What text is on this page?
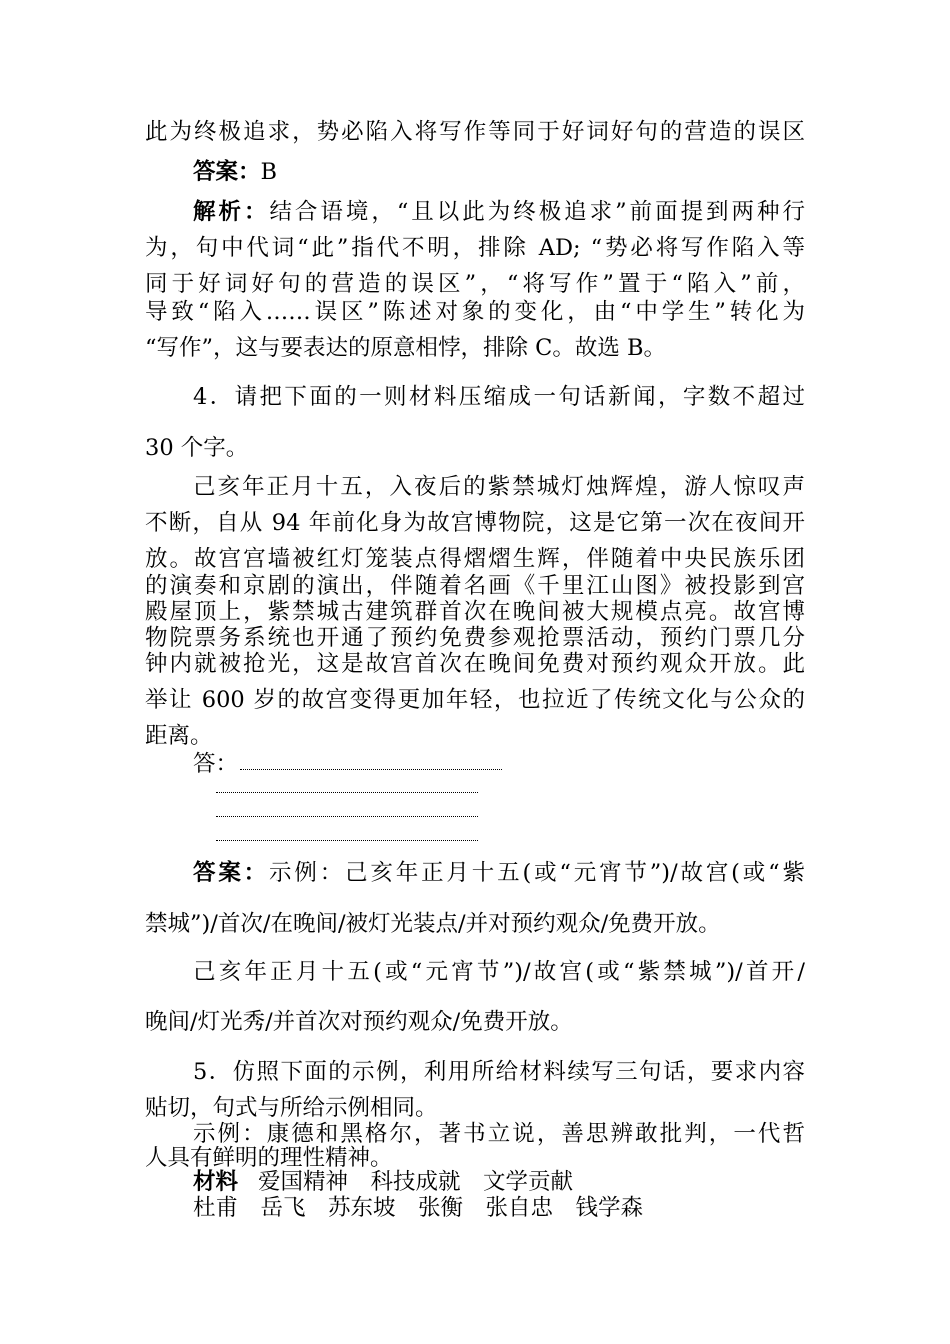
此为终极追求，势必陷入将写作等同于好词好句的营造的误区
答案：B
解析：结合语境，“且以此为终极追求”前面提到两种行
为，句中代词“此”指代不明，排除 AD; “势必将写作陷入等
同于好词好句的营造的误区”，“将写作”置于“陷入”前，
导致“陷入……误区”陈述对象的变化，由“中学生”转化为
“写作”，这与要表达的原意相悖，排除 C。故选 B。
4．请把下面的一则材料压缩成一句话新闻，字数不超过
30 个字。
己亥年正月十五，入夜后的紫禁城灯烛辉煌，游人惊叹声
不断，自从 94 年前化身为故宫博物院，这是它第一次在夜间开
放。故宫宫墙被红灯笼装点得熠熠生辉，伴随着中央民族乐团
的演奏和京剧的演出，伴随着名画《千里江山图》被投影到宫
殿屋顶上，紫禁城古建筑群首次在晚间被大规模点亮。故宫博
物院票务系统也开通了预约免费参观抢票活动，预约门票几分
钟内就被抢光，这是故宫首次在晚间免费对预约观众开放。此
举让 600 岁的故宫变得更加年轻，也拉近了传统文化与公众的
距离。
答：
答案：示例：己亥年正月十五(或“元宵节”)/故宫(或“紫
禁城”)/首次/在晚间/被灯光装点/并对预约观众/免费开放。
己亥年正月十五(或“元宵节”)/故宫(或“紫禁城”)/首开/
晚间/灯光秀/并首次对预约观众/免费开放。
5．仿照下面的示例，利用所给材料续写三句话，要求内容
贴切，句式与所给示例相同。
示例：康德和黑格尔，著书立说，善思辨敢批判，一代哲
人具有鲜明的理性精神。
材料 爱国精神　科技成就　文学贡献
杜甫　岳飞　苏东坡　张衡　张自忠　钱学森
